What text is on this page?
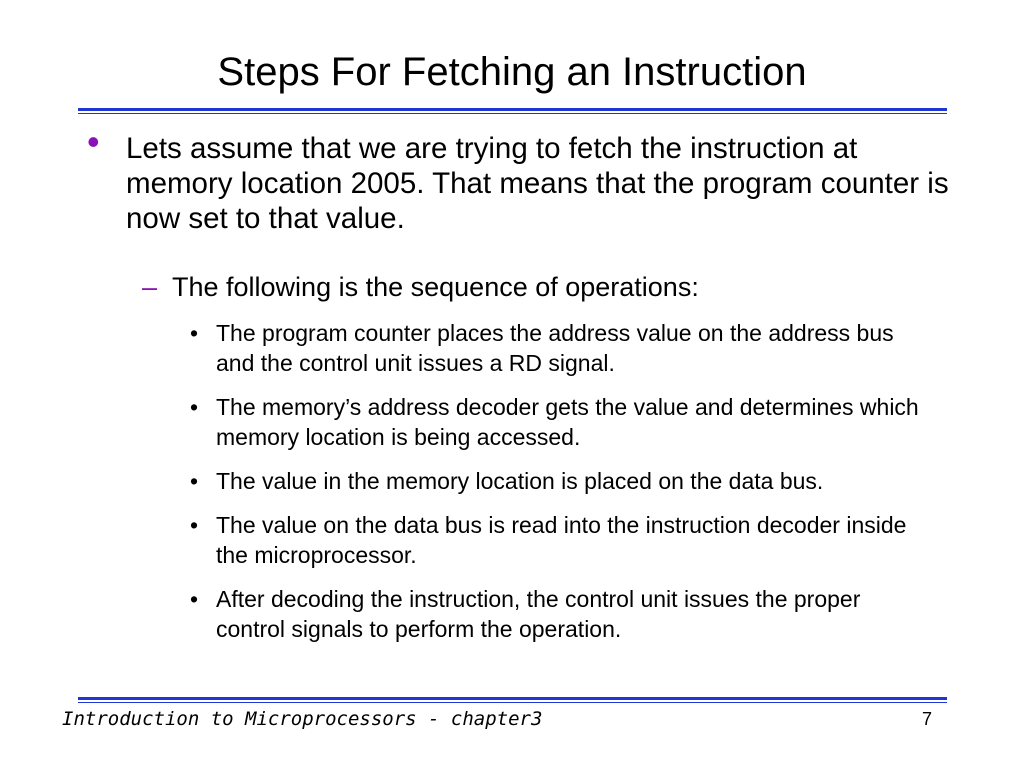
Steps For Fetching an Instruction
• Lets assume that we are trying to fetch the instruction at memory location 2005. That means that the program counter is now set to that value.
– The following is the sequence of operations:
• The program counter places the address value on the address bus and the control unit issues a RD signal.
• The memory’s address decoder gets the value and determines which memory location is being accessed.
• The value in the memory location is placed on the data bus.
• The value on the data bus is read into the instruction decoder inside the microprocessor.
• After decoding the instruction, the control unit issues the proper control signals to perform the operation.
Introduction to Microprocessors - chapter3	7
